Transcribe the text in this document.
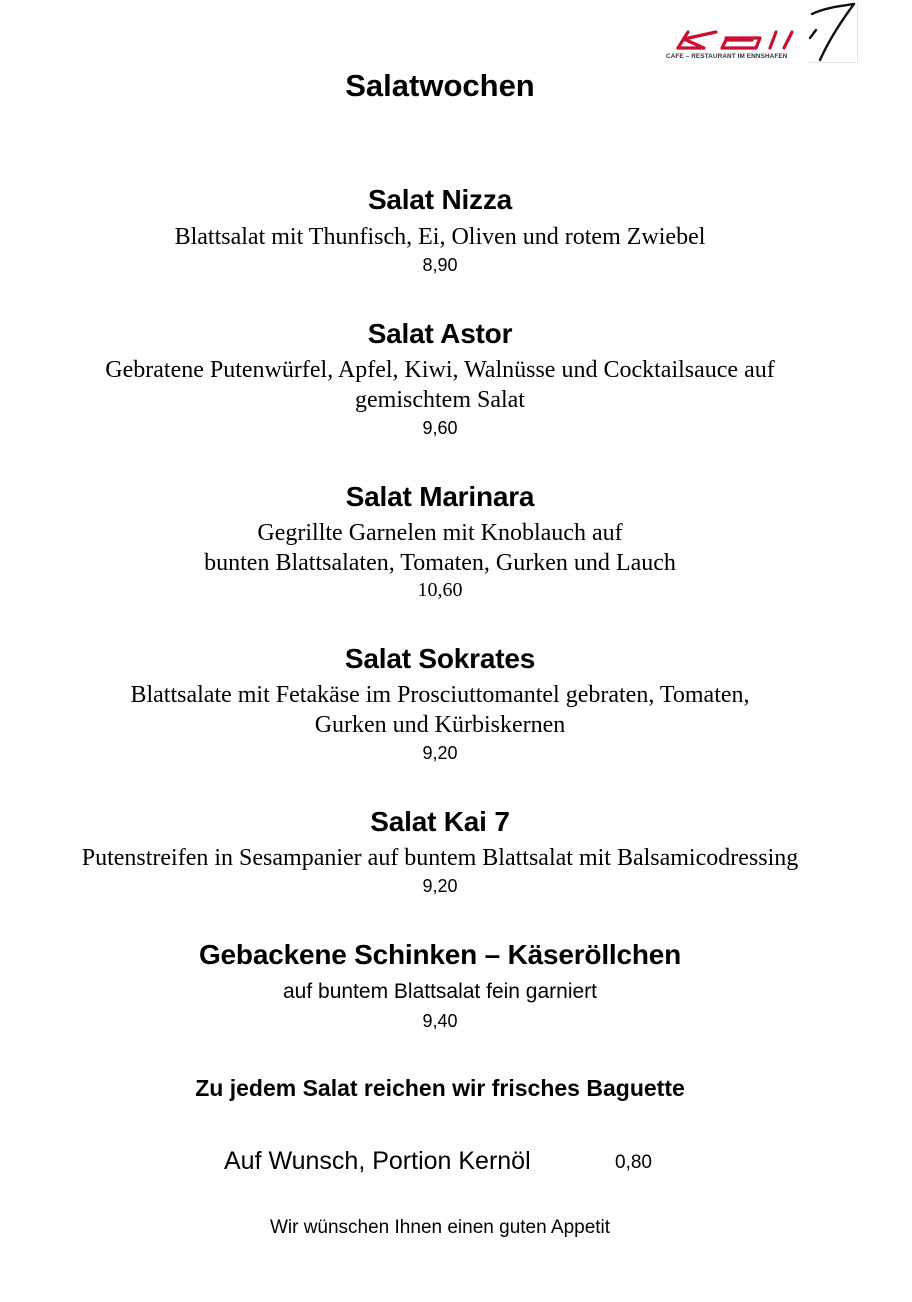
CAFE – RESTAURANT IM ENNSHAFEN
Salatwochen
Salat Nizza
Blattsalat mit Thunfisch, Ei, Oliven und rotem Zwiebel
8,90
Salat Astor
Gebratene Putenwürfel, Apfel, Kiwi, Walnüsse und Cocktailsauce auf
gemischtem Salat
9,60
Salat Marinara
Gegrillte Garnelen mit Knoblauch auf
bunten Blattsalaten, Tomaten, Gurken und Lauch
10,60
Salat Sokrates
Blattsalate mit Fetakäse im Prosciuttomantel gebraten, Tomaten,
Gurken und Kürbiskernen
9,20
Salat Kai 7
Putenstreifen in Sesampanier auf buntem Blattsalat mit Balsamicodressing
9,20
Gebackene Schinken – Käseröllchen
auf buntem Blattsalat fein garniert
9,40
Zu jedem Salat reichen wir frisches Baguette
Auf Wunsch, Portion Kernöl	0,80
Wir wünschen Ihnen einen guten Appetit
